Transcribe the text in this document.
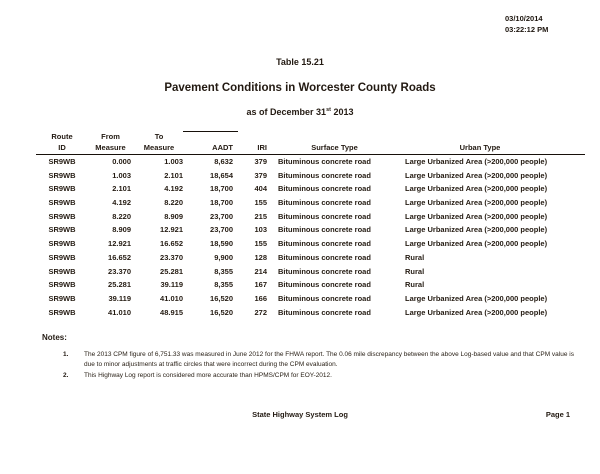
03/10/2014
03:22:12 PM
Table 15.21
Pavement Conditions in Worcester County Roads
as of December 31st 2013
Route	From	To
ID	Measure	Measure	AADT	IRI	Surface Type	Urban Type
SR9WB	0.000	1.003	8,632	379	Bituminous concrete road	Large Urbanized Area (>200,000 people)
SR9WB	1.003	2.101	18,654	379	Bituminous concrete road	Large Urbanized Area (>200,000 people)
SR9WB	2.101	4.192	18,700	404	Bituminous concrete road	Large Urbanized Area (>200,000 people)
SR9WB	4.192	8.220	18,700	155	Bituminous concrete road	Large Urbanized Area (>200,000 people)
SR9WB	8.220	8.909	23,700	215	Bituminous concrete road	Large Urbanized Area (>200,000 people)
SR9WB	8.909	12.921	23,700	103	Bituminous concrete road	Large Urbanized Area (>200,000 people)
SR9WB	12.921	16.652	18,590	155	Bituminous concrete road	Large Urbanized Area (>200,000 people)
SR9WB	16.652	23.370	9,900	128	Bituminous concrete road	Rural
SR9WB	23.370	25.281	8,355	214	Bituminous concrete road	Rural
SR9WB	25.281	39.119	8,355	167	Bituminous concrete road	Rural
SR9WB	39.119	41.010	16,520	166	Bituminous concrete road	Large Urbanized Area (>200,000 people)
SR9WB	41.010	48.915	16,520	272	Bituminous concrete road	Large Urbanized Area (>200,000 people)
Notes:
1.	The 2013 CPM figure of 6,751.33 was measured in June 2012 for the FHWA report. The 0.06 mile discrepancy between the above Log-based value and that CPM value is due to minor adjustments at traffic circles that were incorrect during the CPM evaluation.
2.	This Highway Log report is considered more accurate than HPMS/CPM for EOY-2012.
State Highway System Log	Page 1
